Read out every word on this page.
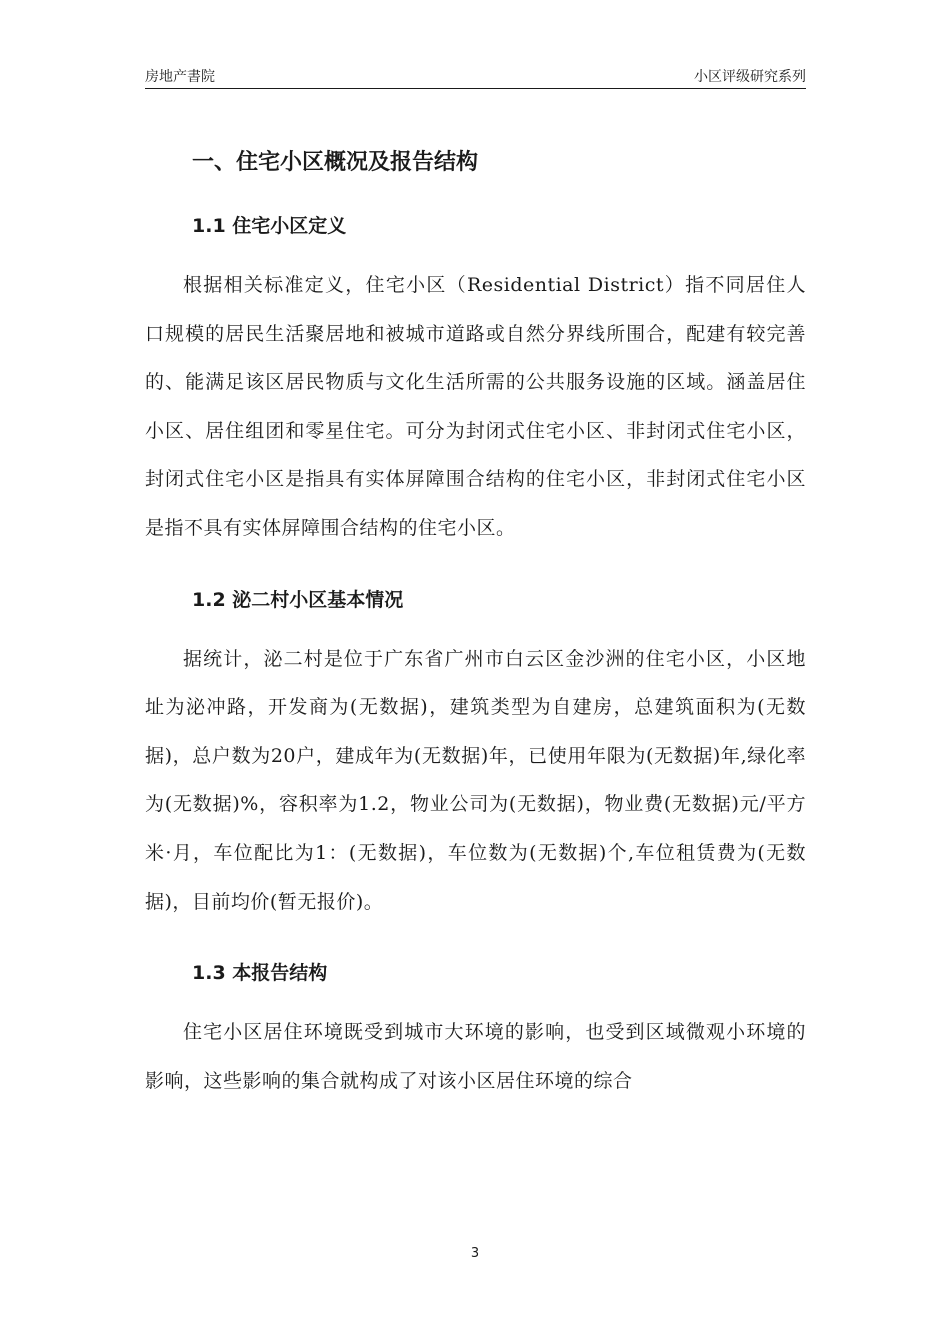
房地产書院	小区评级研究系列
一、住宅小区概况及报告结构
1.1 住宅小区定义

根据相关标准定义，住宅小区（Residential District）指不同居住人口规模的居民生活聚居地和被城市道路或自然分界线所围合，配建有较完善的、能满足该区居民物质与文化生活所需的公共服务设施的区域。涵盖居住小区、居住组团和零星住宅。可分为封闭式住宅小区、非封闭式住宅小区，封闭式住宅小区是指具有实体屏障围合结构的住宅小区，非封闭式住宅小区是指不具有实体屏障围合结构的住宅小区。

1.2 泌二村小区基本情况

据统计，泌二村是位于广东省广州市白云区金沙洲的住宅小区，小区地址为泌冲路，开发商为(无数据)，建筑类型为自建房，总建筑面积为(无数据)，总户数为20户，建成年为(无数据)年，已使用年限为(无数据)年,绿化率为(无数据)%，容积率为1.2，物业公司为(无数据)，物业费(无数据)元/平方米·月，车位配比为1：(无数据)，车位数为(无数据)个,车位租赁费为(无数据)，目前均价(暂无报价)。

1.3 本报告结构

住宅小区居住环境既受到城市大环境的影响，也受到区域微观小环境的影响，这些影响的集合就构成了对该小区居住环境的综合

3
